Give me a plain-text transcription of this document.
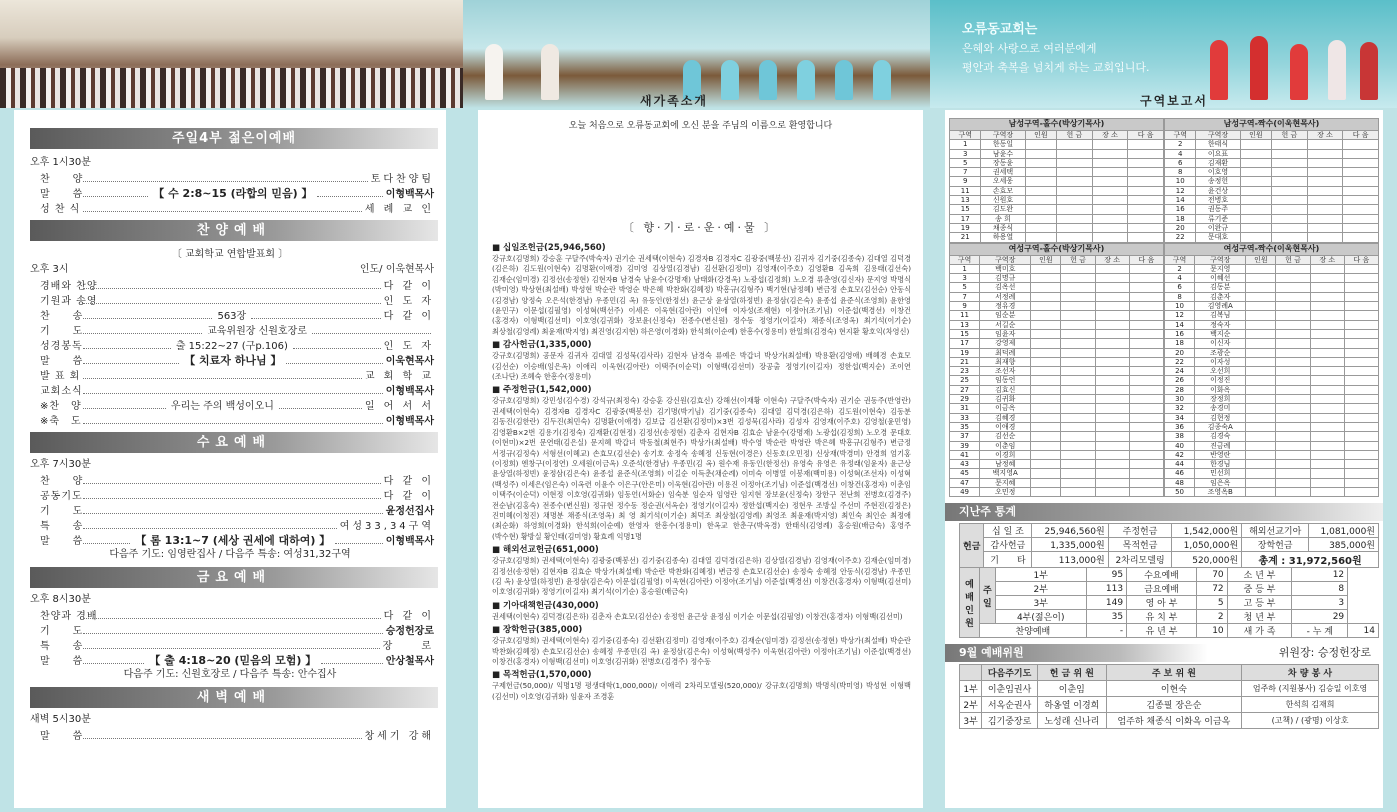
오류동교회는
은혜와 사랑으로 여러분에게
평안과 축복을 넘치게 하는 교회입니다.
새가족소개	구역보고서
주일4부 젊은이예배
오후 1시30분
찬　　양	토다찬양팀
말　　씀	【 수 2:8~15 (라합의 믿음) 】	이형백목사
성 찬 식	세 례 교 인
찬양예배
〔 교회학교 연합발표회 〕
오후 3시	인도/ 이욱현목사
경배와 찬양	다 같 이
기원과 송영	인 도 자
찬　　송	563장	다 같 이
기　　도	교육위원장 신원호장로
성경봉독	출 15:22~27 (구p.106)	인 도 자
말　　씀	【 치료자 하나님 】	이욱현목사
발 표 회	교 회 학 교
교회소식	이형백목사
※찬　양	우리는 주의 백성이오니	일 어 서 서
※축　도	이형백목사
수요예배
오후 7시30분
찬　　양	다 같 이
공동기도	다 같 이
기　　도	윤정선집사
특　　송	여성33,34구역
말　　씀	【 롬 13:1~7 (세상 권세에 대하여) 】	이형백목사
다음주 기도: 임영란집사 / 다음주 특송: 여성31,32구역
금요예배
오후 8시30분
찬양과 경배	다 같 이
기　　도	승정헌장로
특　　송	장　　로
말　　씀	【 출 4:18~20 (믿음의 모험) 】	안상철목사
다음주 기도: 신원호장로 / 다음주 특송: 안수집사
새벽예배
새벽 5시30분
말　　씀	창세기 강해
오늘 처음으로 오류동교회에 오신 분을 주님의 이름으로 환영합니다
〔 향·기·로·운·예·물 〕
■ 십일조헌금(25,946,560)

강규호(김명희) 강승훈 구달주(박숙자) 권기순 권세택(이현숙) 김경자B 김경자C 김광중(백봉선) 김귀자 김기중(김종숙) 김대열 김덕경(김은하) 김도원(이현숙) 김명환(이애경) 김미영 김상열(김경남) 김선환(김정미) 김영재(이주호) 김영환B 김옥희 김용태(김선숙) 김재순(임미경) 김정선(송정현) 김현자B 남경숙 남윤수(강명재) 남태화(강경옥) 노광섭(김정희) 노오경 류춘영(김신자) 문지영 박명식(박미영) 박상현(최설배) 박성현 박순란 박영순 박은혜 박찬화(김혜정) 박흥규(김형주) 백기현(남정혜) 변금정 손효모(김선순) 안동식(김경남) 양정숙 오은석(한경남) 우종민(김 옥) 유동인(한정선) 윤근상 윤상열(하정빈) 윤정삼(김은숙) 윤종섭 윤준식(조영희) 윤한영(윤민구) 이문섭(김필영) 이성혁(백선주) 이세은 이욱현(김아란) 이인애 이자성(조재현) 이정아(조기님) 이준섭(백경선) 이창건(홍경자) 이형백(김선미) 이호영(김귀화) 장보윤(신정숙) 전종수(변신원) 정수동 정영기(이길자) 채종식(조영옥) 최기석(이기순) 최상철(김영례) 최윤재(박지영) 최진영(김지현) 하은영(이경화) 한석희(이순예) 한흥수(정용미) 한일희(김경숙) 현지환 황호익(차영신)

■ 감사헌금(1,335,000)

강규호(김명희) 공문자 김귀자 김대열 김성묵(김사라) 김현자 남경숙 류예은 박갑녀 박상가(최설배) 박용환(김영애) 배혜경 손효모(김선순) 이승배(임은옥) 이애리 이욱현(김아란) 이택주(이순덕) 이형백(김선미) 장공출 정영기(이길자) 정한섭(백지순) 조이연(조나단) 조혜숙 한흥수(정용미)

■ 주정헌금(1,542,000)

강규호(김명희) 강민성(김수경) 강석규(최정숙) 강승훈 강신원(김효신) 강해선(이재황 이현숙) 구달주(박숙자) 권기순 권동주(반영란) 권세택(이현숙) 김경자B 김경자C 김광중(백봉선) 김기명(박기님) 김기중(김종숙) 김대열 김덕경(김은하) 김도원(이현숙) 김동분 김동진(김한란) 김두진(최민숙) 김명환(이애경) 김보급 김선환(김정미)×3번 김성묵(김사라) 김성자 김영재(이주호) 김영철(윤민영) 김영환B×2번 김용기(김정숙) 김재환(김현정) 김정선(송정현) 김춘자 김현자B 김효순 남윤수(강명재) 노광섭(김정희) 노오경 문대호(이현미)×2번 문연태(김은실) 문지혜 박갑녀 박동철(최현주) 박상가(최설배) 박수영 박순란 박영란 박은혜 박흥규(김형주) 변금정 서정규(김정숙) 서형선(이혜교) 손효모(김선순) 송기호 송정숙 송혜정 신동현(이경은) 신동호(오민정) 신상재(박경미) 안경희 엄기홍(이정희) 엔창구(이정연) 오세원(이금옥) 오준석(한경남) 우종민(김 옥) 원수재 유동인(한정선) 유영숙 유영은 유정래(임윤자) 윤근상 윤상열(하정빈) 윤정삼(김은숙) 윤종섭 윤준식(조영희) 이길순 이득춘(채순례) 이미숙 이병열 이봉재(백미용) 이성혁(조선자) 이성혁(백성주) 이세은(임은숙) 이옥련 이윤수 이은구(안은미) 이욱현(김아란) 이용진 이정아(조기님) 이준섭(백경선) 이창건(홍경자) 이춘임 이택주(이순덕) 이현정 이호영(김귀화) 임동언(서화순) 임숙분 임순자 임영란 임지현 장보윤(신정숙) 장한구 전난희 전병호(김경주) 전순남(김홍숙) 전종수(변신원) 정규현 정수동 정순권(서옥순) 정영기(이길자) 정한섭(백지순) 정현우 조방실 주선미 주현진(김정은) 진미혜(이청진) 채명분 채종식(조영옥) 최 영 최기석(이기순) 최덕조 최상철(김영례) 최영조 최윤재(박지영) 최인숙 최인순 최정애(최순화) 하영희(이경화) 한석희(이순예) 한영자 한흥수(정용미) 한옥교 한춘구(박옥경) 한태식(김영례) 홍승원(배금숙) 홍영주(박수현) 황방실 황인태(김미영) 황효례 익명1명

■ 해외선교헌금(651,000)

강규호(김명희) 권세택(이현숙) 김광중(백봉선) 김기중(김종숙) 김대열 김덕경(김은하) 김상열(김경남) 김영재(이주호) 김재순(임미경) 김정선(송정현) 김현자B 김효순 박상가(최설배) 박순란 박찬화(김혜정) 변금정 손효모(김선순) 송정숙 송혜정 안동식(김경남) 우종민(김 옥) 윤상열(하정빈) 윤정삼(김은숙) 이문섭(김필영) 이욱현(김아란) 이정아(조기님) 이준섭(백경선) 이창건(홍경자) 이형백(김선미) 이호영(김귀화) 정영기(이길자) 최기석(이기순) 홍승원(배금숙)

■ 기아대책헌금(430,000)

권세택(이현숙) 김덕경(김은하) 김춘자 손효모(김선순) 송정헌 윤근상 윤정심 이기순 이문섭(김필영) 이창건(홍경자) 이형백(김선미)

■ 장학헌금(385,000)

강규호(김명희) 권세택(이현숙) 김기중(김종숙) 김선환(김정미) 김영재(이주호) 김재순(임미경) 김정선(송정현) 박상가(최설배) 박순란 박찬화(김혜정) 손효모(김선순) 송혜정 우종민(김 옥) 윤정삼(김은숙) 이성혁(백성주) 이욱현(김아란) 이정아(조기님) 이준섭(백경선) 이창건(홍경자) 이형백(김선미) 이호영(김귀화) 전병호(김경주) 정수동

■ 목적헌금(1,570,000)

구제헌금(50,000)/ 익명1명 평생대학(1,000,000)/ 이애리 2차리모델링(520,000)/ 강규호(김명희) 박명식(박미영) 박성현 이형백(김선미) 이호영(김귀화) 임윤자 조경훈

남성구역-홀수(박상기목사)					
구역	구역장	인원	헌 금	장 소	다 음
1	한동일				
3	남윤수				
5	장동윤				
7	권세택				
9	오세웅				
11	손효모				
13	신원호				
15	김도완				
17	송 희				
19	채종식				
21	하용열				
남성구역-짝수(이욱현목사)					
구역	구역장	인원	헌 금	장 소	다 음
2	한태식				
4	이요표				
6	김재환				
8	이호영				
10	송정헌				
12	윤건상				
14	전병호				
16	권동주				
18	류기준				
20	이완규				
22	문대호				
여성구역-홀수(박상기목사)					
구역	구역장	인원	헌 금	장 소	다 음
1	백미호				
3	김명규				
5	김옥선				
7	서정례				
9	정유경				
11	임순분				
13	서길순				
15	임윤자				
17	강영제				
19	최덕례				
21	최재향				
23	조선자				
25	임동언				
27	김효신				
29	김귀화				
31	이금옥				
33	김혜경				
35	이애경				
37	김선순				
39	이춘임				
41	이경희				
43	남정혜				
45	백지영A				
47	문지혜				
49	오민정				
여성구역-짝수(이욱현목사)					
구역	구역장	인원	헌 금	장 소	다 음
2	문지영				
4	이혜선				
6	김동분				
8	김춘자				
10	김영례A				
12	김복님				
14	정숙자				
16	백지순				
18	이신자				
20	조광순				
22	이자성				
24	오선희				
26	이정진				
28	이화옥				
30	장정희				
32	송경미				
34	김현정				
36	김종숙A				
38	김경숙				
40	진금례				
42	반영란				
44	한경님				
46	민선희				
48	임은옥				
50	조영옥B				
지난주 통계
헌금	십 일 조	25,946,560원	주정헌금	1,542,000원	해외선교기아	1,081,000원
	감사헌금	1,335,000원	목적헌금	1,050,000원	장학헌금	385,000원
	기　　타	113,000원	2차리모델링	520,000원	총계 : 31,972,560원	
예배인원	주일	1부	95	수요예배	70	소 년 부	12	
		2부	113	금요예배	72	중 등 부	8	
		3부	149	영 아 부	5	고 등 부	3	
		4부(젊은이)	35	유 치 부	2	청 년 부	29	
	찬양예배		-	유 년 부	10	새 가 족	- 누 계	14
9월 예배위원	위원장: 승정헌장로
	다음주기도	헌 금 위 원	주 보 위 원	차 량 봉 사
1부	이춘임권사	이춘임	이현숙	엄주하 (지원봉사) 김승일 이호영
2부	서옥순권사	하옹열 이경희	김종필 장은순	한석희 김재희
3부	김기중장로	노성래 신나리	엄주하 채종식 이화옥 이금옥	(고책) / (광명) 이상호
